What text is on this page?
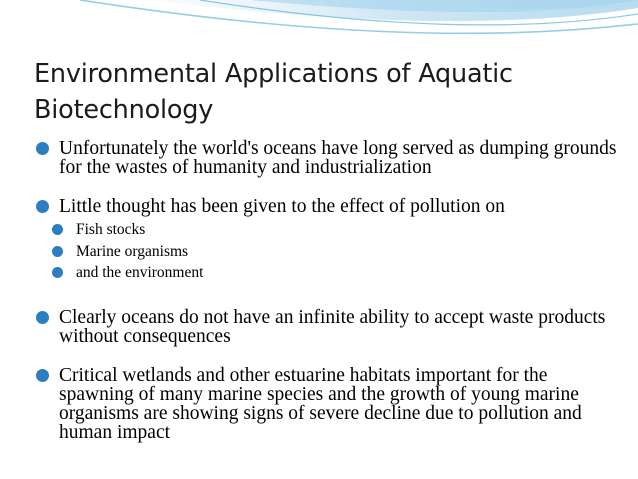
Environmental Applications of Aquatic Biotechnology
Unfortunately the world's oceans have long served as dumping grounds for the wastes of humanity and industrialization
Little thought has been given to the effect of pollution on
Fish stocks
Marine organisms
and the environment
Clearly oceans do not have an infinite ability to accept waste products without consequences
Critical wetlands and other estuarine habitats important for the spawning of many marine species and the growth of young marine organisms are showing signs of severe decline due to pollution and human impact
